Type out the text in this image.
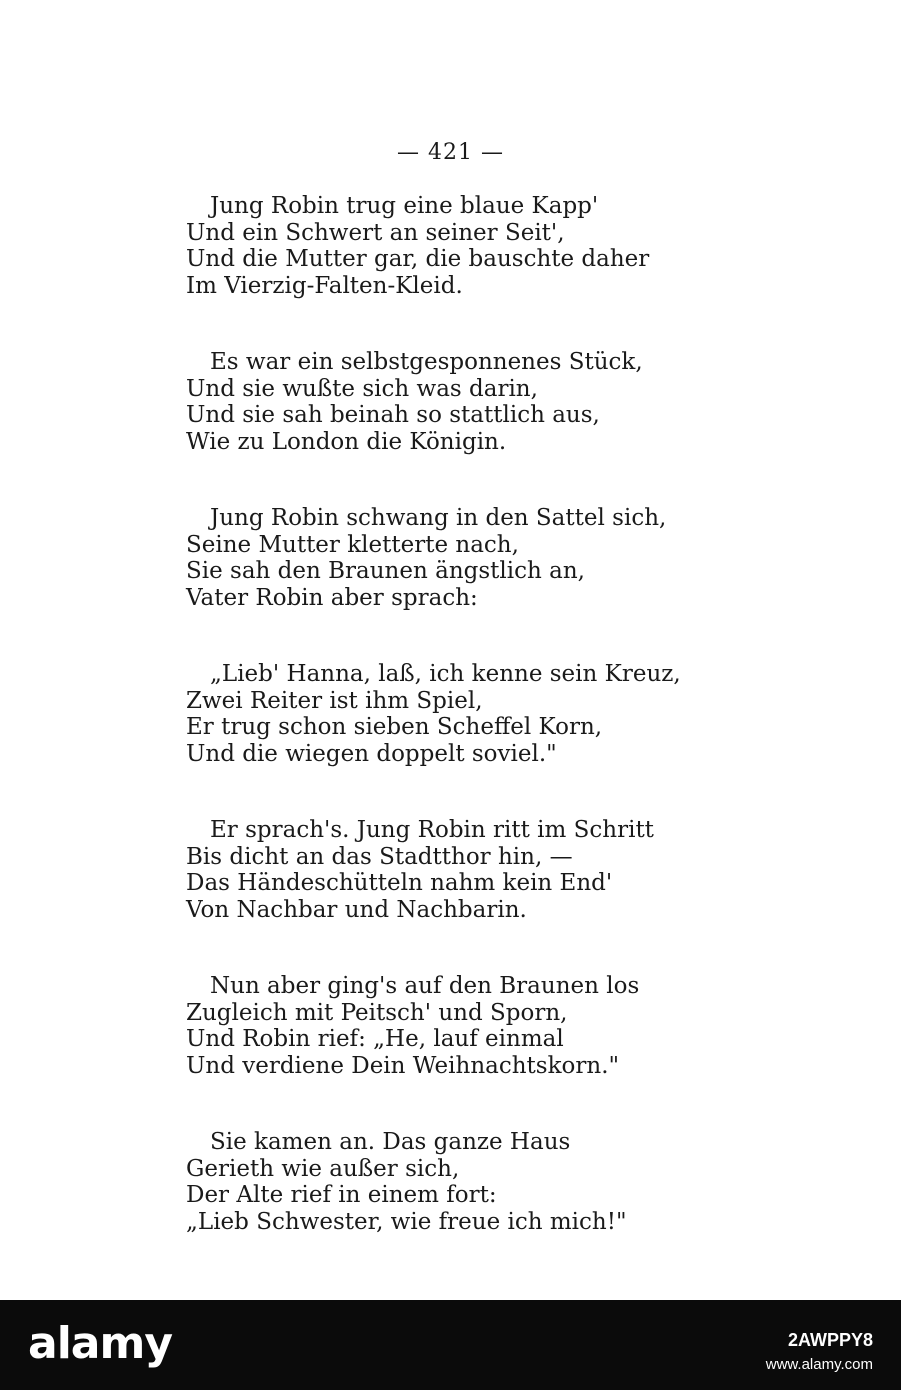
— 421 —
Jung Robin trug eine blaue Kapp'
Und ein Schwert an seiner Seit',
Und die Mutter gar, die bauschte daher
Im Vierzig-Falten-Kleid.
Es war ein selbstgesponnenes Stück,
Und sie wußte sich was darin,
Und sie sah beinah so stattlich aus,
Wie zu London die Königin.
Jung Robin schwang in den Sattel sich,
Seine Mutter kletterte nach,
Sie sah den Braunen ängstlich an,
Vater Robin aber sprach:
„Lieb' Hanna, laß, ich kenne sein Kreuz,
Zwei Reiter ist ihm Spiel,
Er trug schon sieben Scheffel Korn,
Und die wiegen doppelt soviel."
Er sprach's. Jung Robin ritt im Schritt
Bis dicht an das Stadtthor hin, —
Das Händeschütteln nahm kein End'
Von Nachbar und Nachbarin.
Nun aber ging's auf den Braunen los
Zugleich mit Peitsch' und Sporn,
Und Robin rief: „He, lauf einmal
Und verdiene Dein Weihnachtskorn."
Sie kamen an. Das ganze Haus
Gerieth wie außer sich,
Der Alte rief in einem fort:
„Lieb Schwester, wie freue ich mich!"
alamy	2AWPPY8
www.alamy.com
